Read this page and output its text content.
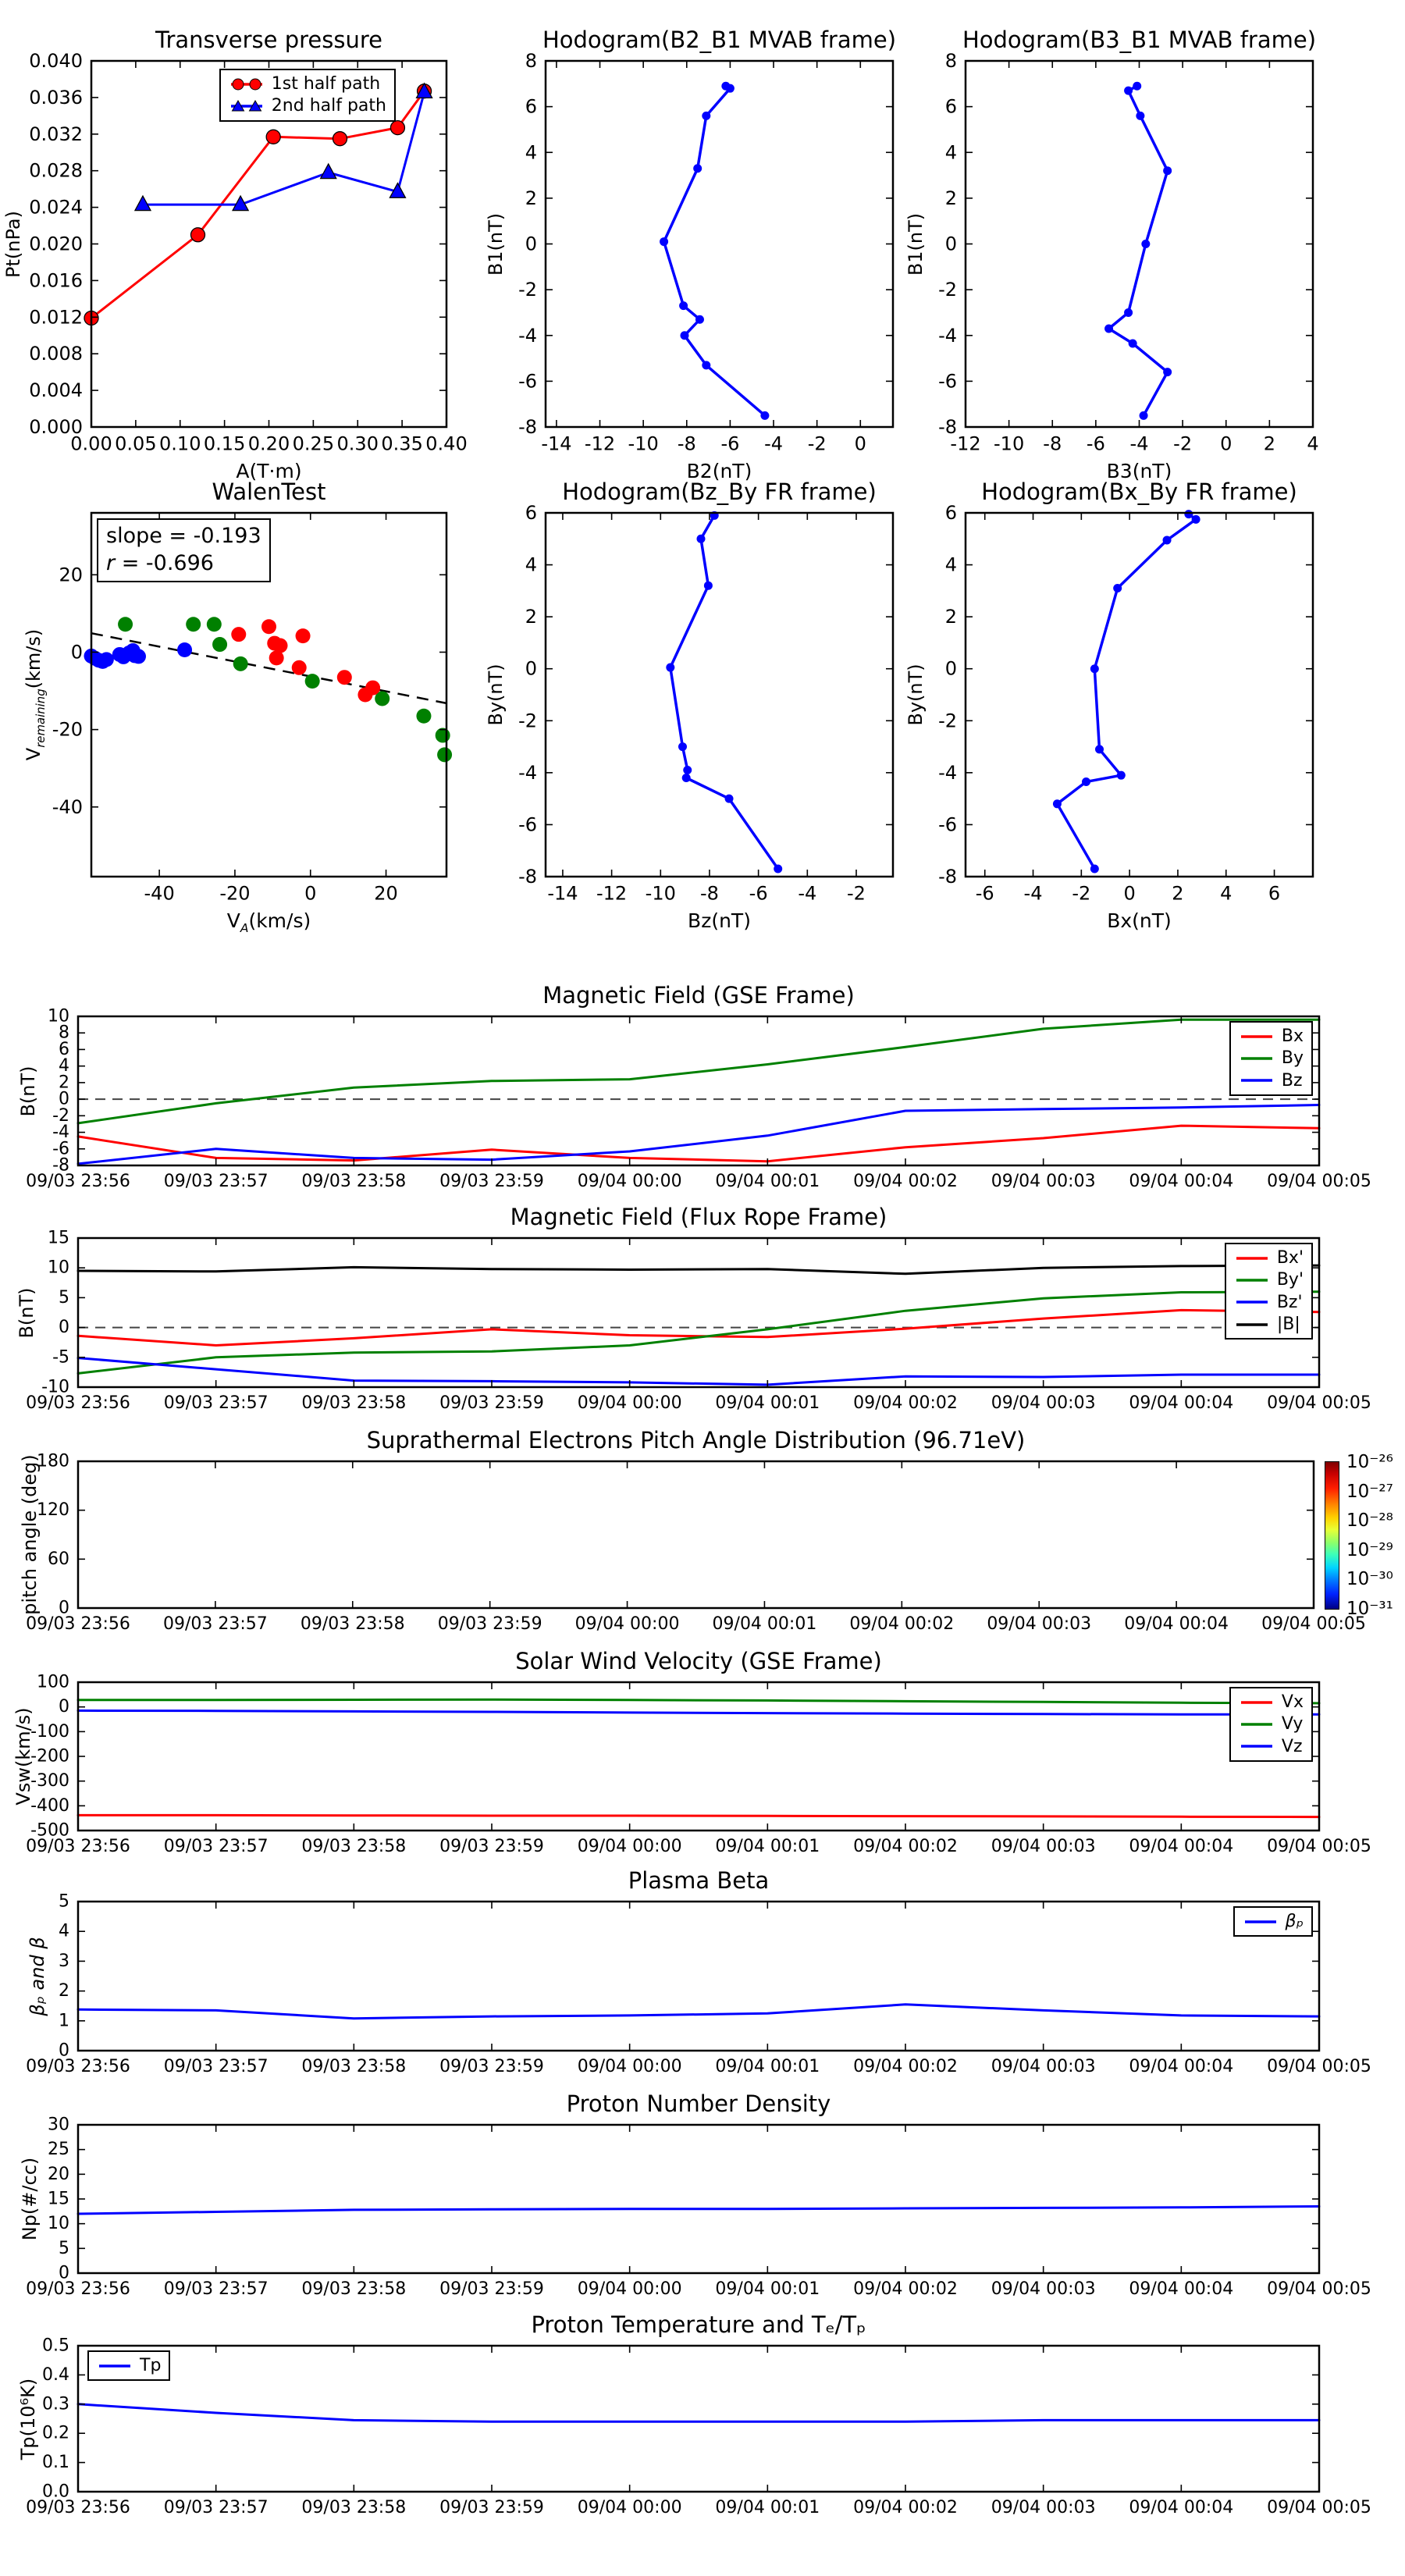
Transverse pressure
Pt(nPa)
A(T·m)
0.00 0.05 0.10 0.15 0.20 0.25 0.30 0.35 0.40
0.000
0.004
0.008
0.012
0.016
0.020
0.024
0.028
0.032
0.036
0.040
1st half path
2nd half path
Hodogram(B2_B1 MVAB frame)
B1(nT)
B2(nT)
-14 -12 -10 -8 -6 -4 -2 0
-8
-6
-4
-2
0
2
4
6
8
Hodogram(B3_B1 MVAB frame)
B1(nT)
B3(nT)
-12 -10 -8 -6 -4 -2 0 2 4
-8
-6
-4
-2
0
2
4
6
8
WalenTest
$V_{remaining}(km/s)$
$V_A(km/s)$
-40 -20	0	20
-40
-20
0
20
slope = -0.193
r = -0.696
Hodogram(Bz_By FR frame)
By(nT)
Bz(nT)
-14 -12 -10 -8 -6 -4 -2
-8
-6
-4
-2
0
2
4
6
Hodogram(Bx_By FR frame)
By(nT)
Bx(nT)
-6 -4 -2 0 2 4 6
-8
-6
-4
-2
0
2
4
6
Magnetic Field (GSE Frame)
B(nT)
09/03 23:56 09/03 23:57 09/03 23:58 09/03 23:59 09/04 00:00 09/04 00:01 09/04 00:02 09/04 00:03 09/04 00:04 09/04 00:05
-8
-6
-4
-2
0
2
4
6
8
10
Bx
By
Bz
Magnetic Field (Flux Rope Frame)
B(nT)
09/03 23:56 09/03 23:57 09/03 23:58 09/03 23:59 09/04 00:00 09/04 00:01 09/04 00:02 09/04 00:03 09/04 00:04 09/04 00:05
-10
-5
0
5
10
15
Bx'
By'
Bz'
|B|
Suprathermal Electrons Pitch Angle Distribution (96.71eV)
pitch angle (deg)
09/03 23:56 09/03 23:57 09/03 23:58 09/03 23:59 09/04 00:00 09/04 00:01 09/04 00:02 09/04 00:03 09/04 00:04 09/04 00:05
0
60
120
180	10⁻²⁶
10⁻²⁷
10⁻²⁸
10⁻²⁹
10⁻³⁰
10⁻³¹
Solar Wind Velocity (GSE Frame)
Vsw(km/s)
09/03 23:56 09/03 23:57 09/03 23:58 09/03 23:59 09/04 00:00 09/04 00:01 09/04 00:02 09/04 00:03 09/04 00:04 09/04 00:05
-500
-400
-300
-200
-100
0
100
Vx
Vy
Vz
Plasma Beta
βₚ and β
09/03 23:56 09/03 23:57 09/03 23:58 09/03 23:59 09/04 00:00 09/04 00:01 09/04 00:02 09/04 00:03 09/04 00:04 09/04 00:05
0
1
2
3
4
5
βₚ
Proton Number Density
Np(#/cc)
09/03 23:56 09/03 23:57 09/03 23:58 09/03 23:59 09/04 00:00 09/04 00:01 09/04 00:02 09/04 00:03 09/04 00:04 09/04 00:05
0
5
10
15
20
25
30
Proton Temperature and Tₑ/Tₚ
Tp(10⁶K)
09/03 23:56 09/03 23:57 09/03 23:58 09/03 23:59 09/04 00:00 09/04 00:01 09/04 00:02 09/04 00:03 09/04 00:04 09/04 00:05
0.0
0.1
0.2
0.3
0.4
0.5
Tp
